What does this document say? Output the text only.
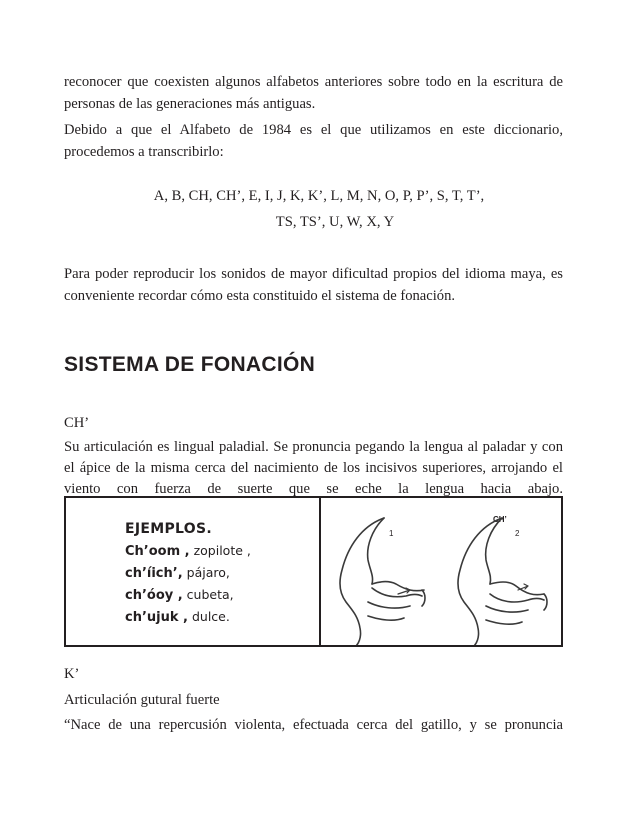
reconocer que coexisten algunos alfabetos anteriores sobre todo en la escritura de personas de las generaciones más antiguas.

Debido a que el Alfabeto de 1984 es el que utilizamos en este diccionario, procedemos a transcribirlo:

A, B, CH, CH’, E, I, J, K, K’, L, M, N, O, P, P’, S, T, T’,

TS, TS’, U, W, X, Y

Para poder reproducir los sonidos de mayor dificultad propios del idioma maya, es conveniente recordar cómo esta constituido el sistema de fonación.

SISTEMA DE FONACIÓN

CH’

Su articulación es lingual paladial. Se pronuncia pegando la lengua al paladar y con

el ápice de la misma cerca del nacimiento de los incisivos superiores, arrojando el

viento con fuerza de suerte que se eche la lengua hacia abajo.

EJEMPLOS.
Ch’oom , zopilote ,
ch’íich’, pájaro,
ch’óoy , cubeta,
ch’ujuk , dulce.
CH’
1	2

K’

Articulación gutural fuerte

“Nace de una repercusión violenta, efectuada cerca del gatillo, y se pronuncia
